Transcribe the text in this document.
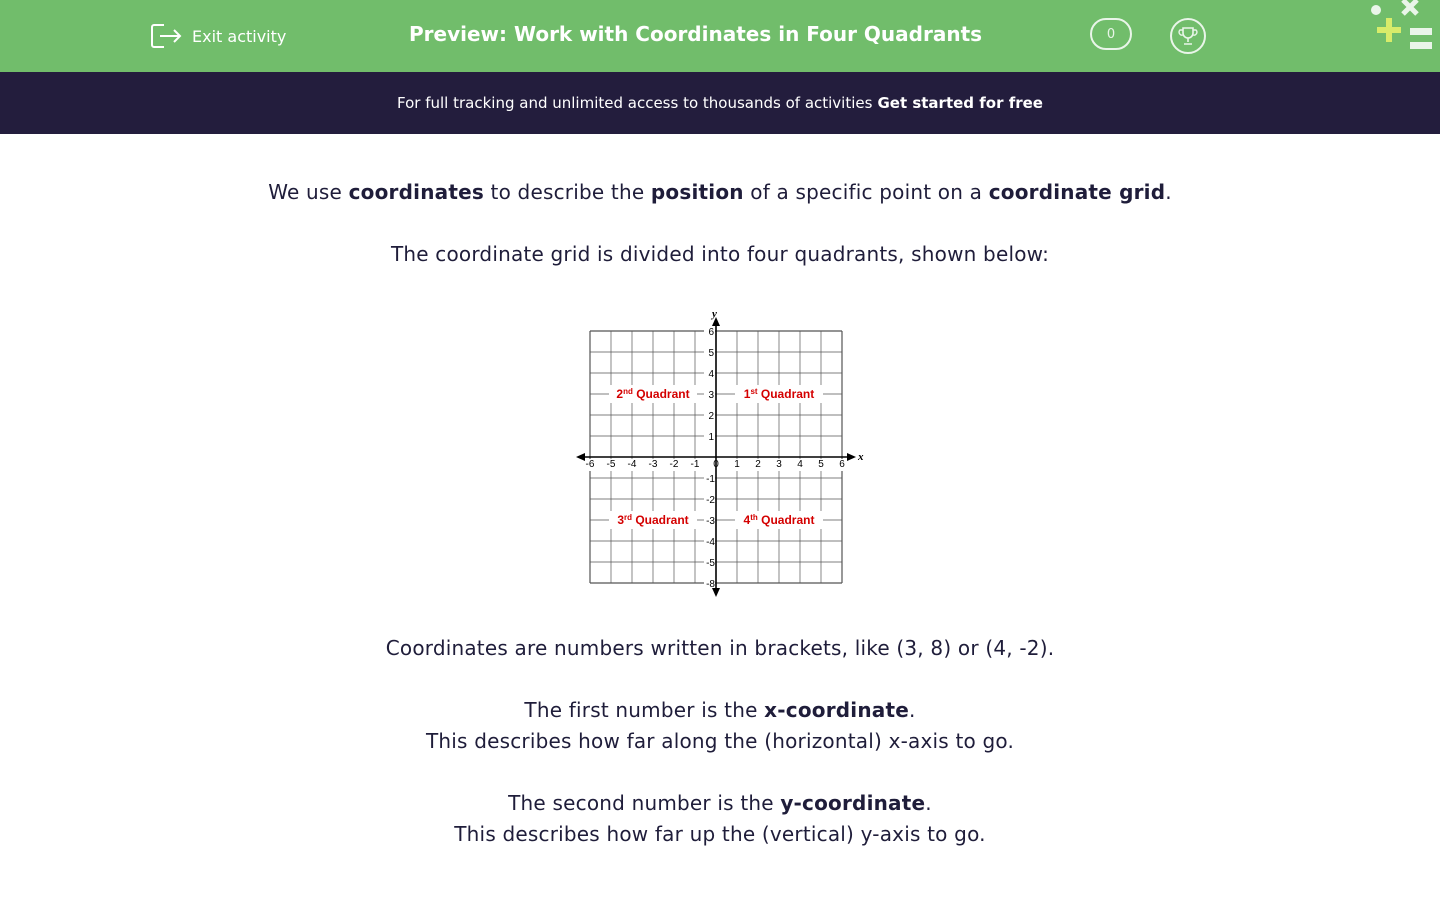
Exit activity	Preview: Work with Coordinates in Four Quadrants	0
For full tracking and unlimited access to thousands of activities Get started for free
We use coordinates to describe the position of a specific point on a coordinate grid.
The coordinate grid is divided into four quadrants, shown below:
2nd Quadrant	1st Quadrant
3rd Quadrant	4th Quadrant
x
y
-6 -5 -4 -3 -2 -1 0 1 2 3 4 5 6
6
5
4
3
2
1
-1
-2
-3
-4
-5
-8
Coordinates are numbers written in brackets, like (3, 8) or (4, -2).
The first number is the x-coordinate.
This describes how far along the (horizontal) x-axis to go.
The second number is the y-coordinate.
This describes how far up the (vertical) y-axis to go.
